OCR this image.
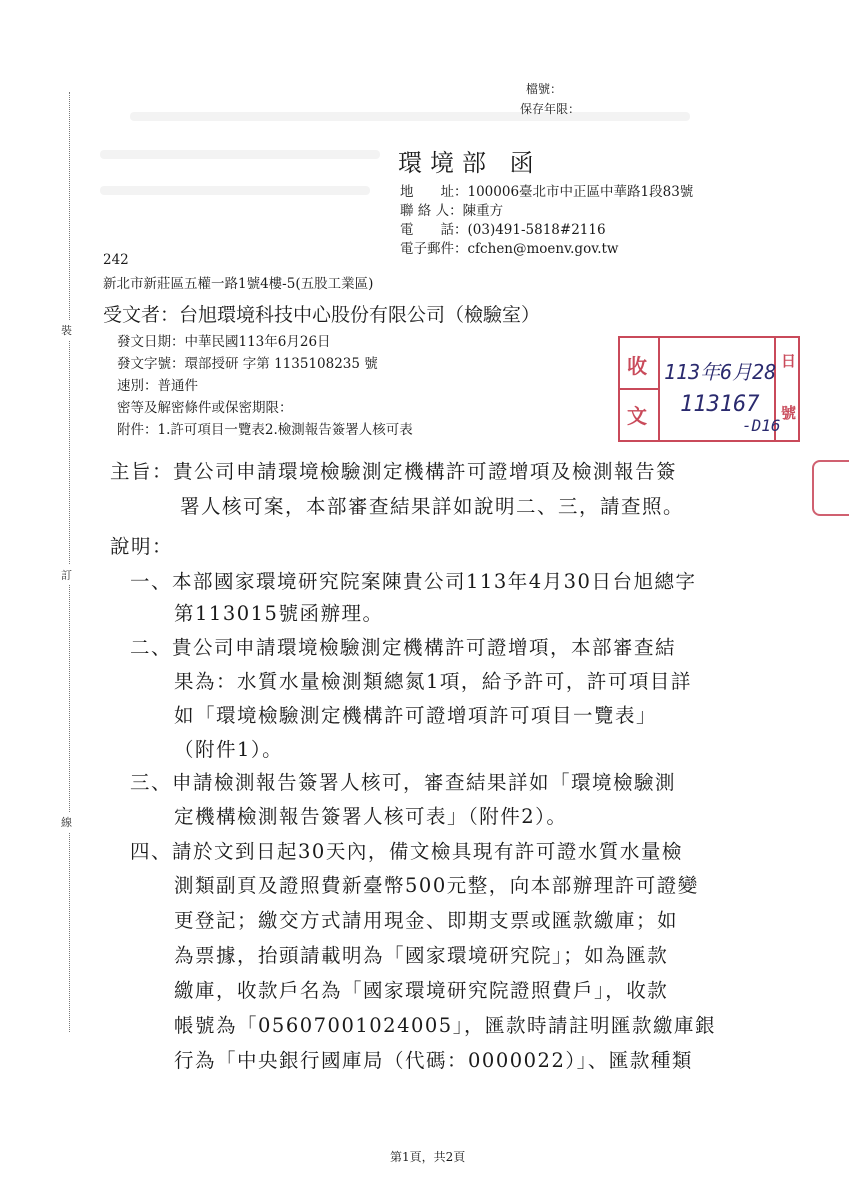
裝
訂
線
檔號：
保存年限：
環境部 函
地　　址：100006臺北市中正區中華路1段83號
聯 絡 人：陳重方
電　　話：(03)491-5818#2116
電子郵件：cfchen@moenv.gov.tw
242
新北市新莊區五權一路1號4樓-5(五股工業區)
受文者：台旭環境科技中心股份有限公司（檢驗室）
發文日期：中華民國113年6月26日
發文字號：環部授研 字第 1135108235 號
速別：普通件
密等及解密條件或保密期限：
附件：1.許可項目一覽表2.檢測報告簽署人核可表
收
文
日
號
113年6月28
113167
-D16
主旨：貴公司申請環境檢驗測定機構許可證增項及檢測報告簽
署人核可案，本部審查結果詳如說明二、三，請查照。
說明：
一、本部國家環境研究院案陳貴公司113年4月30日台旭總字
第113015號函辦理。
二、貴公司申請環境檢驗測定機構許可證增項，本部審查結
果為：水質水量檢測類總氮1項，給予許可，許可項目詳
如「環境檢驗測定機構許可證增項許可項目一覽表」
（附件1）。
三、申請檢測報告簽署人核可，審查結果詳如「環境檢驗測
定機構檢測報告簽署人核可表」（附件2）。
四、請於文到日起30天內，備文檢具現有許可證水質水量檢
測類副頁及證照費新臺幣500元整，向本部辦理許可證變
更登記；繳交方式請用現金、即期支票或匯款繳庫；如
為票據，抬頭請載明為「國家環境研究院」；如為匯款
繳庫，收款戶名為「國家環境研究院證照費戶」，收款
帳號為「05607001024005」，匯款時請註明匯款繳庫銀
行為「中央銀行國庫局（代碼：0000022）」、匯款種類
第1頁，共2頁
